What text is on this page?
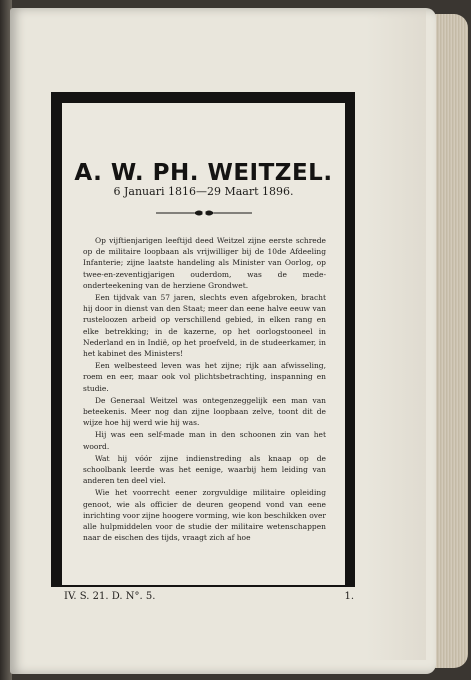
A. W. PH. WEITZEL.
6 Januari 1816—29 Maart 1896.

Op vijftienjarigen leeftijd deed Weitzel zijne eerste schrede op de militaire loopbaan als vrijwilliger bij de 10de Afdeeling Infanterie; zijne laatste handeling als Minister van Oorlog, op twee-en-zeventigjarigen ouderdom, was de mede-onderteekening van de herziene Grondwet.

Een tijdvak van 57 jaren, slechts even afgebroken, bracht hij door in dienst van den Staat; meer dan eene halve eeuw van rusteloozen arbeid op verschillend gebied, in elken rang en elke betrekking; in de kazerne, op het oorlogstooneel in Nederland en in Indië, op het proefveld, in de studeerkamer, in het kabinet des Ministers!

Een welbesteed leven was het zijne; rijk aan afwisseling, roem en eer, maar ook vol plichtsbetrachting, inspanning en studie.

De Generaal Weitzel was ontegenzeggelijk een man van beteekenis. Meer nog dan zijne loopbaan zelve, toont dit de wijze hoe hij werd wie hij was.

Hij was een self-made man in den schoonen zin van het woord.

Wat hij vóór zijne indienstreding als knaap op de schoolbank leerde was het eenige, waarbij hem leiding van anderen ten deel viel.

Wie het voorrecht eener zorgvuldige militaire opleiding genoot, wie als officier de deuren geopend vond van eene inrichting voor zijne hoogere vorming, wie kon beschikken over alle hulpmiddelen voor de studie der militaire wetenschappen naar de eischen des tijds, vraagt zich af hoe

IV. S. 21. D. N°. 5.	1.
